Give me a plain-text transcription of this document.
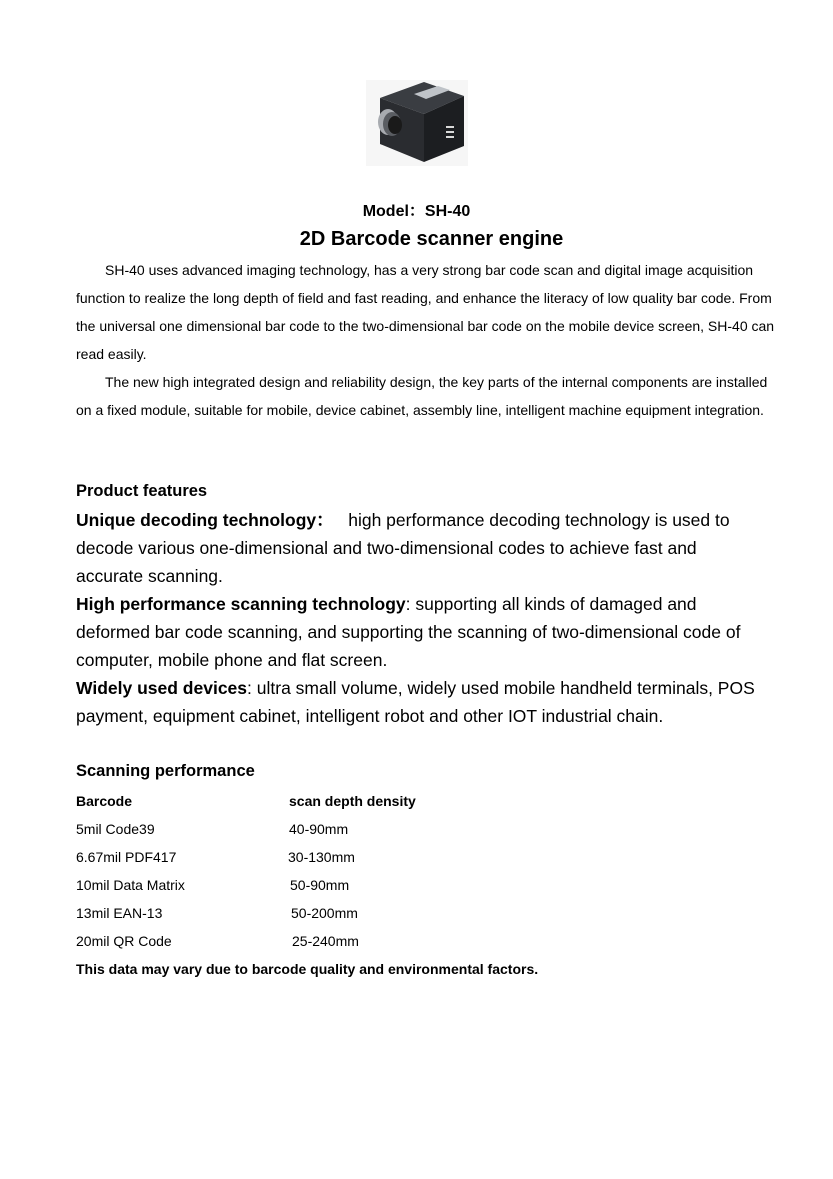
Model：SH-40
2D Barcode scanner engine

SH-40 uses advanced imaging technology, has a very strong bar code scan and digital image acquisition function to realize the long depth of field and fast reading, and enhance the literacy of low quality bar code. From the universal one dimensional bar code to the two-dimensional bar code on the mobile device screen, SH-40 can read easily.

The new high integrated design and reliability design, the key parts of the internal components are installed on a fixed module, suitable for mobile, device cabinet, assembly line, intelligent machine equipment integration.

Product features

Unique decoding technology： high performance decoding technology is used to decode various one-dimensional and two-dimensional codes to achieve fast and accurate scanning.

High performance scanning technology: supporting all kinds of damaged and deformed bar code scanning, and supporting the scanning of two-dimensional code of computer, mobile phone and flat screen.

Widely used devices: ultra small volume, widely used mobile handheld terminals, POS payment, equipment cabinet, intelligent robot and other IOT industrial chain.

Scanning performance
Barcode	scan depth density
5mil Code39	40-90mm
6.67mil PDF417	30-130mm
10mil Data Matrix	50-90mm
13mil EAN-13	50-200mm
20mil QR Code	25-240mm
This data may vary due to barcode quality and environmental factors.
